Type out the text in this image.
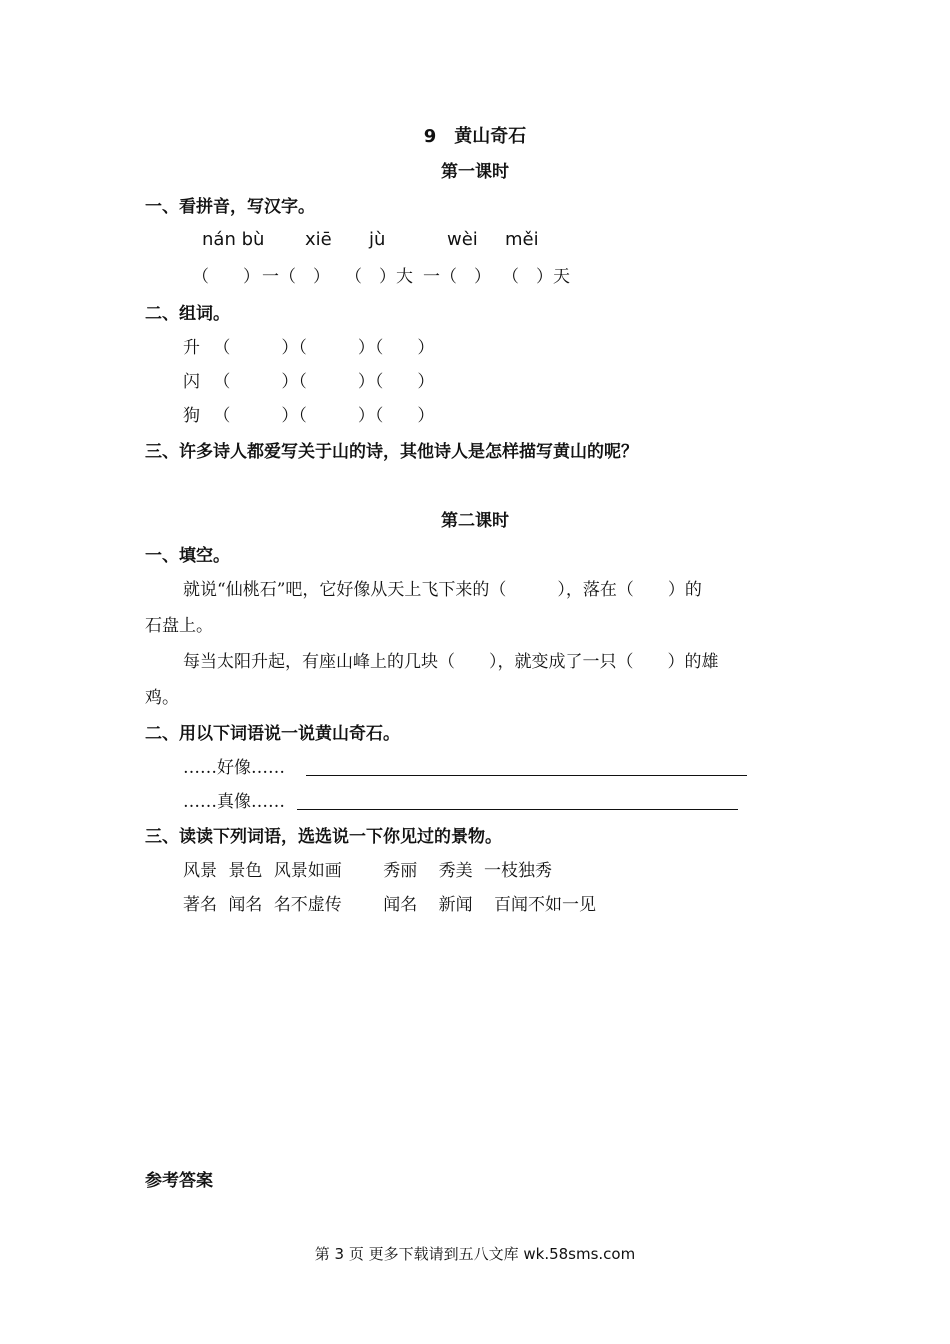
9　黄山奇石
第一课时
一、看拼音，写汉字。
nán bù xiē jù	wèi měi
（　　） 一（　） （　）大 一（　） （　）天
二、组词。
升 （　　　）（　　　）（　　）
闪 （　　　）（　　　）（　　）
狗 （　　　）（　　　）（　　）
三、许多诗人都爱写关于山的诗，其他诗人是怎样描写黄山的呢？
第二课时
一、填空。
就说“仙桃石”吧，它好像从天上飞下来的（　　　），落在（　　）的
石盘上。
每当太阳升起，有座山峰上的几块（　　），就变成了一只（　　）的雄
鸡。
二、用以下词语说一说黄山奇石。
……好像……
……真像……
三、读读下列词语，选选说一下你见过的景物。
风景 景色 风景如画 秀丽 秀美 一枝独秀
著名 闻名 名不虚传 闻名 新闻 百闻不如一见
参考答案
第 3 页 更多下载请到五八文库 wk.58sms.com
